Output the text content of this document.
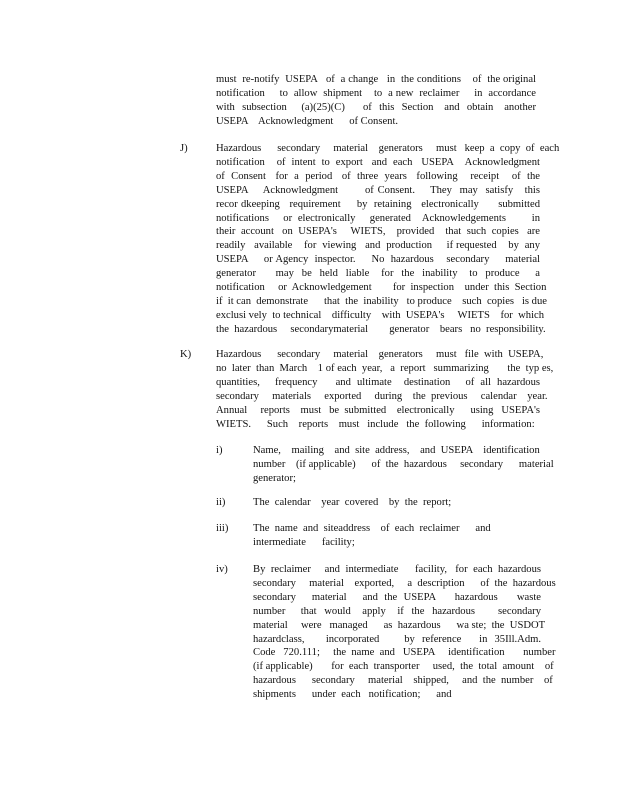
must  re-notify  USEPA   of  a change   in  the conditions    of  the original
notification     to  allow  shipment    to  a new  reclaimer     in  accordance
with  subsection    (a)(25)(C)     of  this  Section   and  obtain   another
USEPA    Acknowledgment      of Consent.
J)	Hazardous      secondary     material    generators     must   keep  a  copy  of  each
notification    of  intent  to  export   and  each   USEPA    Acknowledgment
of  Consent   for  a  period   of  three  years   following    receipt    of  the
USEPA    Acknowledgment       of Consent.    They  may  satisfy   this
recor dkeeping   requirement     by  retaining   electronically      submitted
notifications     or  electronically     generated    Acknowledgements         in
their  account   on  USEPA's     WIETS,    provided    that  such  copies   are
readily   available    for  viewing   and  production     if requested    by  any
USEPA     or Agency  inspector.     No  hazardous    secondary     material
generator     may  be  held  liable   for  the  inability   to  produce    a
notification     or  Acknowledgement        for  inspection    under  this  Section
if  it can  demonstrate      that  the  inability   to produce    such  copies   is due
exclusi vely  to technical    difficulty    with  USEPA's     WIETS    for  which
the  hazardous     secondarymaterial        generator    bears   no  responsibility.
K) Hazardous      secondary     material    generators     must   file  with  USEPA,
no  later  than  March    1 of each  year,   a  report   summarizing       the  typ es,
quantities,     frequency      and  ultimate    destination     of  all  hazardous
secondary     materials     exported     during    the  previous     calendar    year.
Annual     reports    must   be  submitted    electronically      using   USEPA's
WIETS.      Such    reports    must   include   the  following      information:
i)	Name,    mailing    and  site  address,    and  USEPA    identification
number    (if applicable)      of  the  hazardous     secondary      material
generator;
ii)	The  calendar    year  covered    by  the  report;
iii) The  name  and  siteaddress    of  each  reclaimer      and
intermediate      facility;
iv) By  reclaimer     and  intermediate      facility,   for  each  hazardous
secondary     material    exported,     a  description      of  the  hazardous
secondary     material     and  the  USEPA      hazardous      waste
number    that  would   apply   if  the  hazardous      secondary
material     were   managed      as  hazardous      wa ste;  the  USDOT
hazardclass,      incorporated       by  reference     in  35Ill.Adm.
Code   720.111;     the  name  and   USEPA     identification       number
(if applicable)       for  each  transporter     used,  the  total  amount    of
hazardous      secondary     material    shipped,     and  the  number    of
shipments      under  each   notification;      and
